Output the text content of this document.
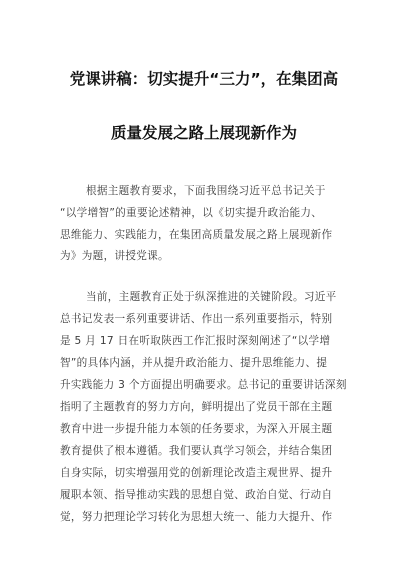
党课讲稿：切实提升“三力”，在集团高
质量发展之路上展现新作为

根据主题教育要求，下面我围绕习近平总书记关于

“以学增智”的重要论述精神，以《切实提升政治能力、

思维能力、实践能力，在集团高质量发展之路上展现新作

为》为题，讲授党课。

当前，主题教育正处于纵深推进的关键阶段。习近平

总书记发表一系列重要讲话、作出一系列重要指示，特别

是 5 月 17 日在听取陕西工作汇报时深刻阐述了“以学增

智”的具体内涵，并从提升政治能力、提升思维能力、提

升实践能力 3 个方面提出明确要求。总书记的重要讲话深刻

指明了主题教育的努力方向，鲜明提出了党员干部在主题

教育中进一步提升能力本领的任务要求，为深入开展主题

教育提供了根本遵循。我们要认真学习领会，并结合集团

自身实际，切实增强用党的创新理论改造主观世界、提升

履职本领、指导推动实践的思想自觉、政治自觉、行动自

觉，努力把理论学习转化为思想大统一、能力大提升、作
